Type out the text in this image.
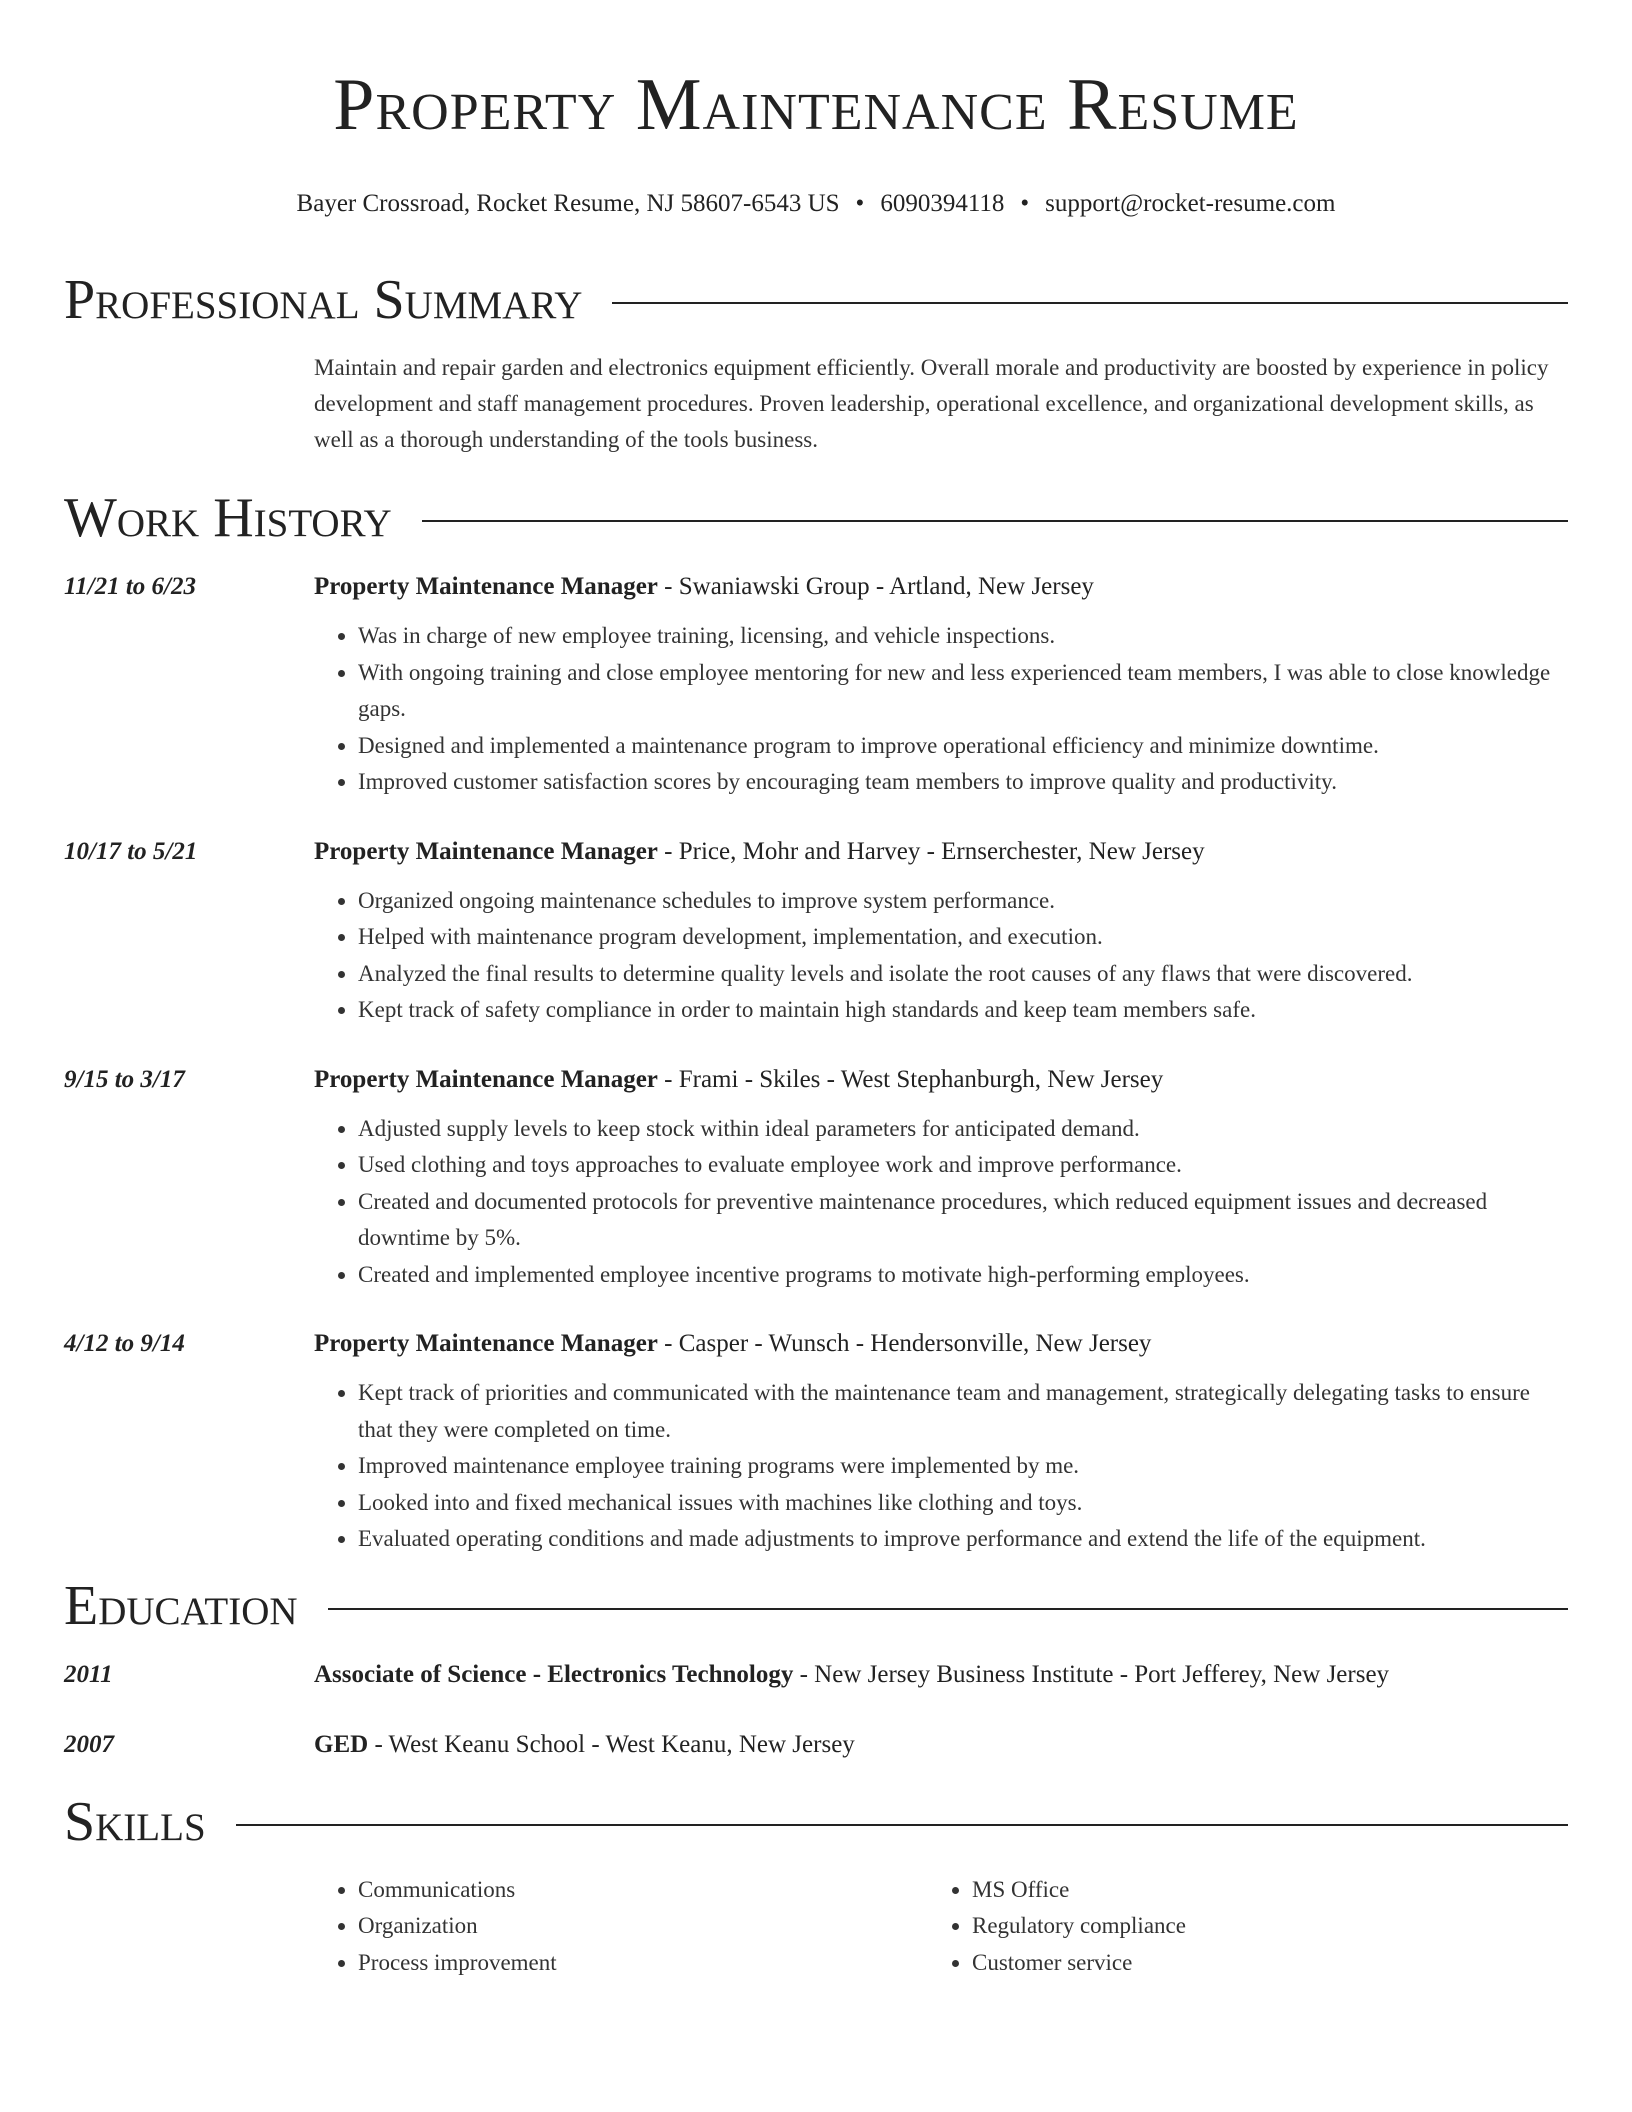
Property Maintenance Resume
Bayer Crossroad, Rocket Resume, NJ 58607-6543 US • 6090394118 • support@rocket-resume.com
Professional Summary

Maintain and repair garden and electronics equipment efficiently. Overall morale and productivity are boosted by experience in policy development and staff management procedures. Proven leadership, operational excellence, and organizational development skills, as well as a thorough understanding of the tools business.

Work History
11/21 to 6/23	Property Maintenance Manager - Swaniawski Group - Artland, New Jersey
• Was in charge of new employee training, licensing, and vehicle inspections.
• With ongoing training and close employee mentoring for new and less experienced team members, I was able to close knowledge gaps.
• Designed and implemented a maintenance program to improve operational efficiency and minimize downtime.
• Improved customer satisfaction scores by encouraging team members to improve quality and productivity.
10/17 to 5/21	Property Maintenance Manager - Price, Mohr and Harvey - Ernserchester, New Jersey
• Organized ongoing maintenance schedules to improve system performance.
• Helped with maintenance program development, implementation, and execution.
• Analyzed the final results to determine quality levels and isolate the root causes of any flaws that were discovered.
• Kept track of safety compliance in order to maintain high standards and keep team members safe.
9/15 to 3/17	Property Maintenance Manager - Frami - Skiles - West Stephanburgh, New Jersey
• Adjusted supply levels to keep stock within ideal parameters for anticipated demand.
• Used clothing and toys approaches to evaluate employee work and improve performance.
• Created and documented protocols for preventive maintenance procedures, which reduced equipment issues and decreased downtime by 5%.
• Created and implemented employee incentive programs to motivate high-performing employees.
4/12 to 9/14	Property Maintenance Manager - Casper - Wunsch - Hendersonville, New Jersey
• Kept track of priorities and communicated with the maintenance team and management, strategically delegating tasks to ensure that they were completed on time.
• Improved maintenance employee training programs were implemented by me.
• Looked into and fixed mechanical issues with machines like clothing and toys.
• Evaluated operating conditions and made adjustments to improve performance and extend the life of the equipment.
Education
2011	Associate of Science - Electronics Technology - New Jersey Business Institute - Port Jefferey, New Jersey
2007	GED - West Keanu School - West Keanu, New Jersey
Skills
• Communications
• Organization
• Process improvement
• MS Office
• Regulatory compliance
• Customer service
